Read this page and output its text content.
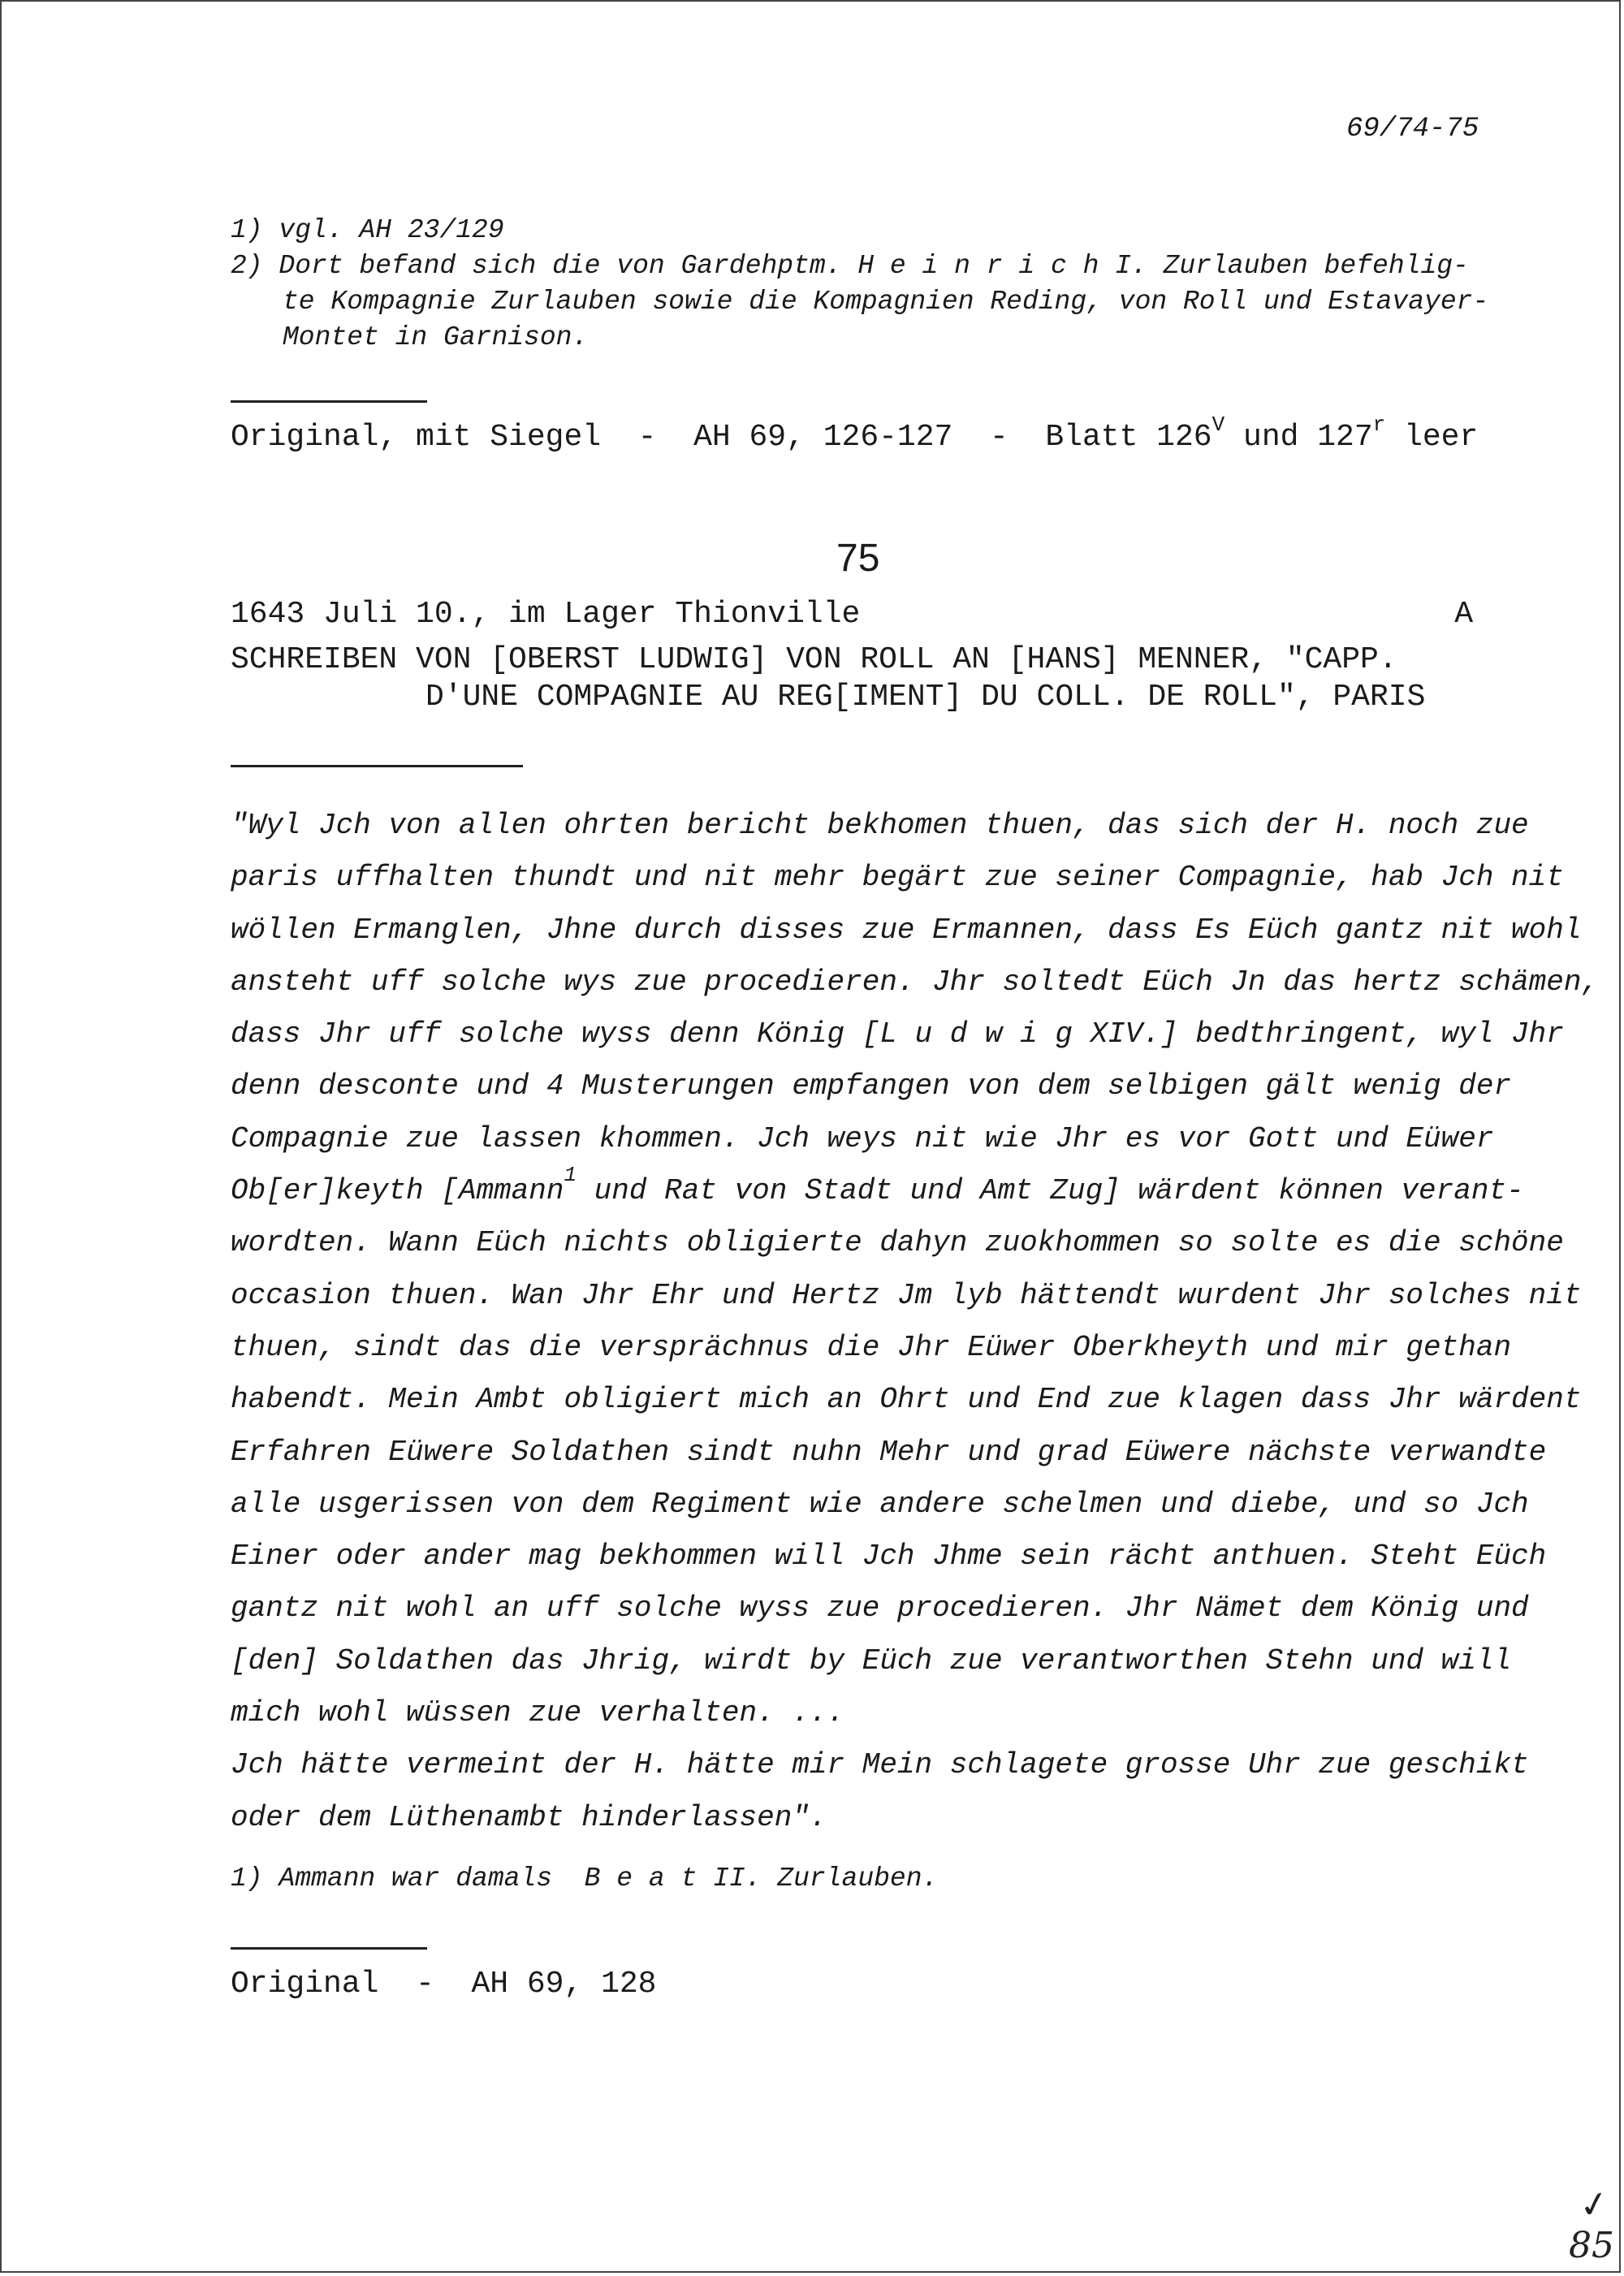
69/74-75
1) vgl. AH 23/129
2) Dort befand sich die von Gardehptm. H e i n r i c h I. Zurlauben befehlig-
te Kompagnie Zurlauben sowie die Kompagnien Reding, von Roll und Estavayer-
Montet in Garnison.
Original, mit Siegel  -  AH 69, 126-127  -  Blatt $126^V$ und 127$^r$ leer
75
1643 Juli 10., im Lager Thionville	A
SCHREIBEN VON [OBERST LUDWIG] VON ROLL AN [HANS] MENNER, "CAPP.
D'UNE COMPAGNIE AU REG[IMENT] DU COLL. DE ROLL", PARIS
"Wyl Jch von allen ohrten bericht bekhomen thuen, das sich der H. noch zue
paris uffhalten thundt und nit mehr begärt zue seiner Compagnie, hab Jch nit
wöllen Ermanglen, Jhne durch disses zue Ermannen, dass Es Eüch gantz nit wohl
ansteht uff solche wys zue procedieren. Jhr soltedt Eüch Jn das hertz schämen,
dass Jhr uff solche wyss denn König [L u d w i g XIV.] bedthringent, wyl Jhr
denn desconte und 4 Musterungen empfangen von dem selbigen gält wenig der
Compagnie zue lassen khommen. Jch weys nit wie Jhr es vor Gott und Eüwer
Ob[er]keyth [Ammann$^1$ und Rat von Stadt und Amt Zug] wärdent können verant-
wordten. Wann Eüch nichts obligierte dahyn zuokhommen so solte es die schöne
occasion thuen. Wan Jhr Ehr und Hertz Jm lyb hättendt wurdent Jhr solches nit
thuen, sindt das die versprächnus die Jhr Eüwer Oberkheyth und mir gethan
habendt. Mein Ambt obligiert mich an Ohrt und End zue klagen dass Jhr wärdent
Erfahren Eüwere Soldathen sindt nuhn Mehr und grad Eüwere nächste verwandte
alle usgerissen von dem Regiment wie andere schelmen und diebe, und so Jch
Einer oder ander mag bekhommen will Jch Jhme sein rächt anthuen. Steht Eüch
gantz nit wohl an uff solche wyss zue procedieren. Jhr Nämet dem König und
[den] Soldathen das Jhrig, wirdt by Eüch zue verantworthen Stehn und will
mich wohl wüssen zue verhalten. ...
Jch hätte vermeint der H. hätte mir Mein schlagete grosse Uhr zue geschikt
oder dem Lüthenambt hinderlassen".
1) Ammann war damals  B e a t II. Zurlauben.
Original  -  AH 69, 128
✓
85
